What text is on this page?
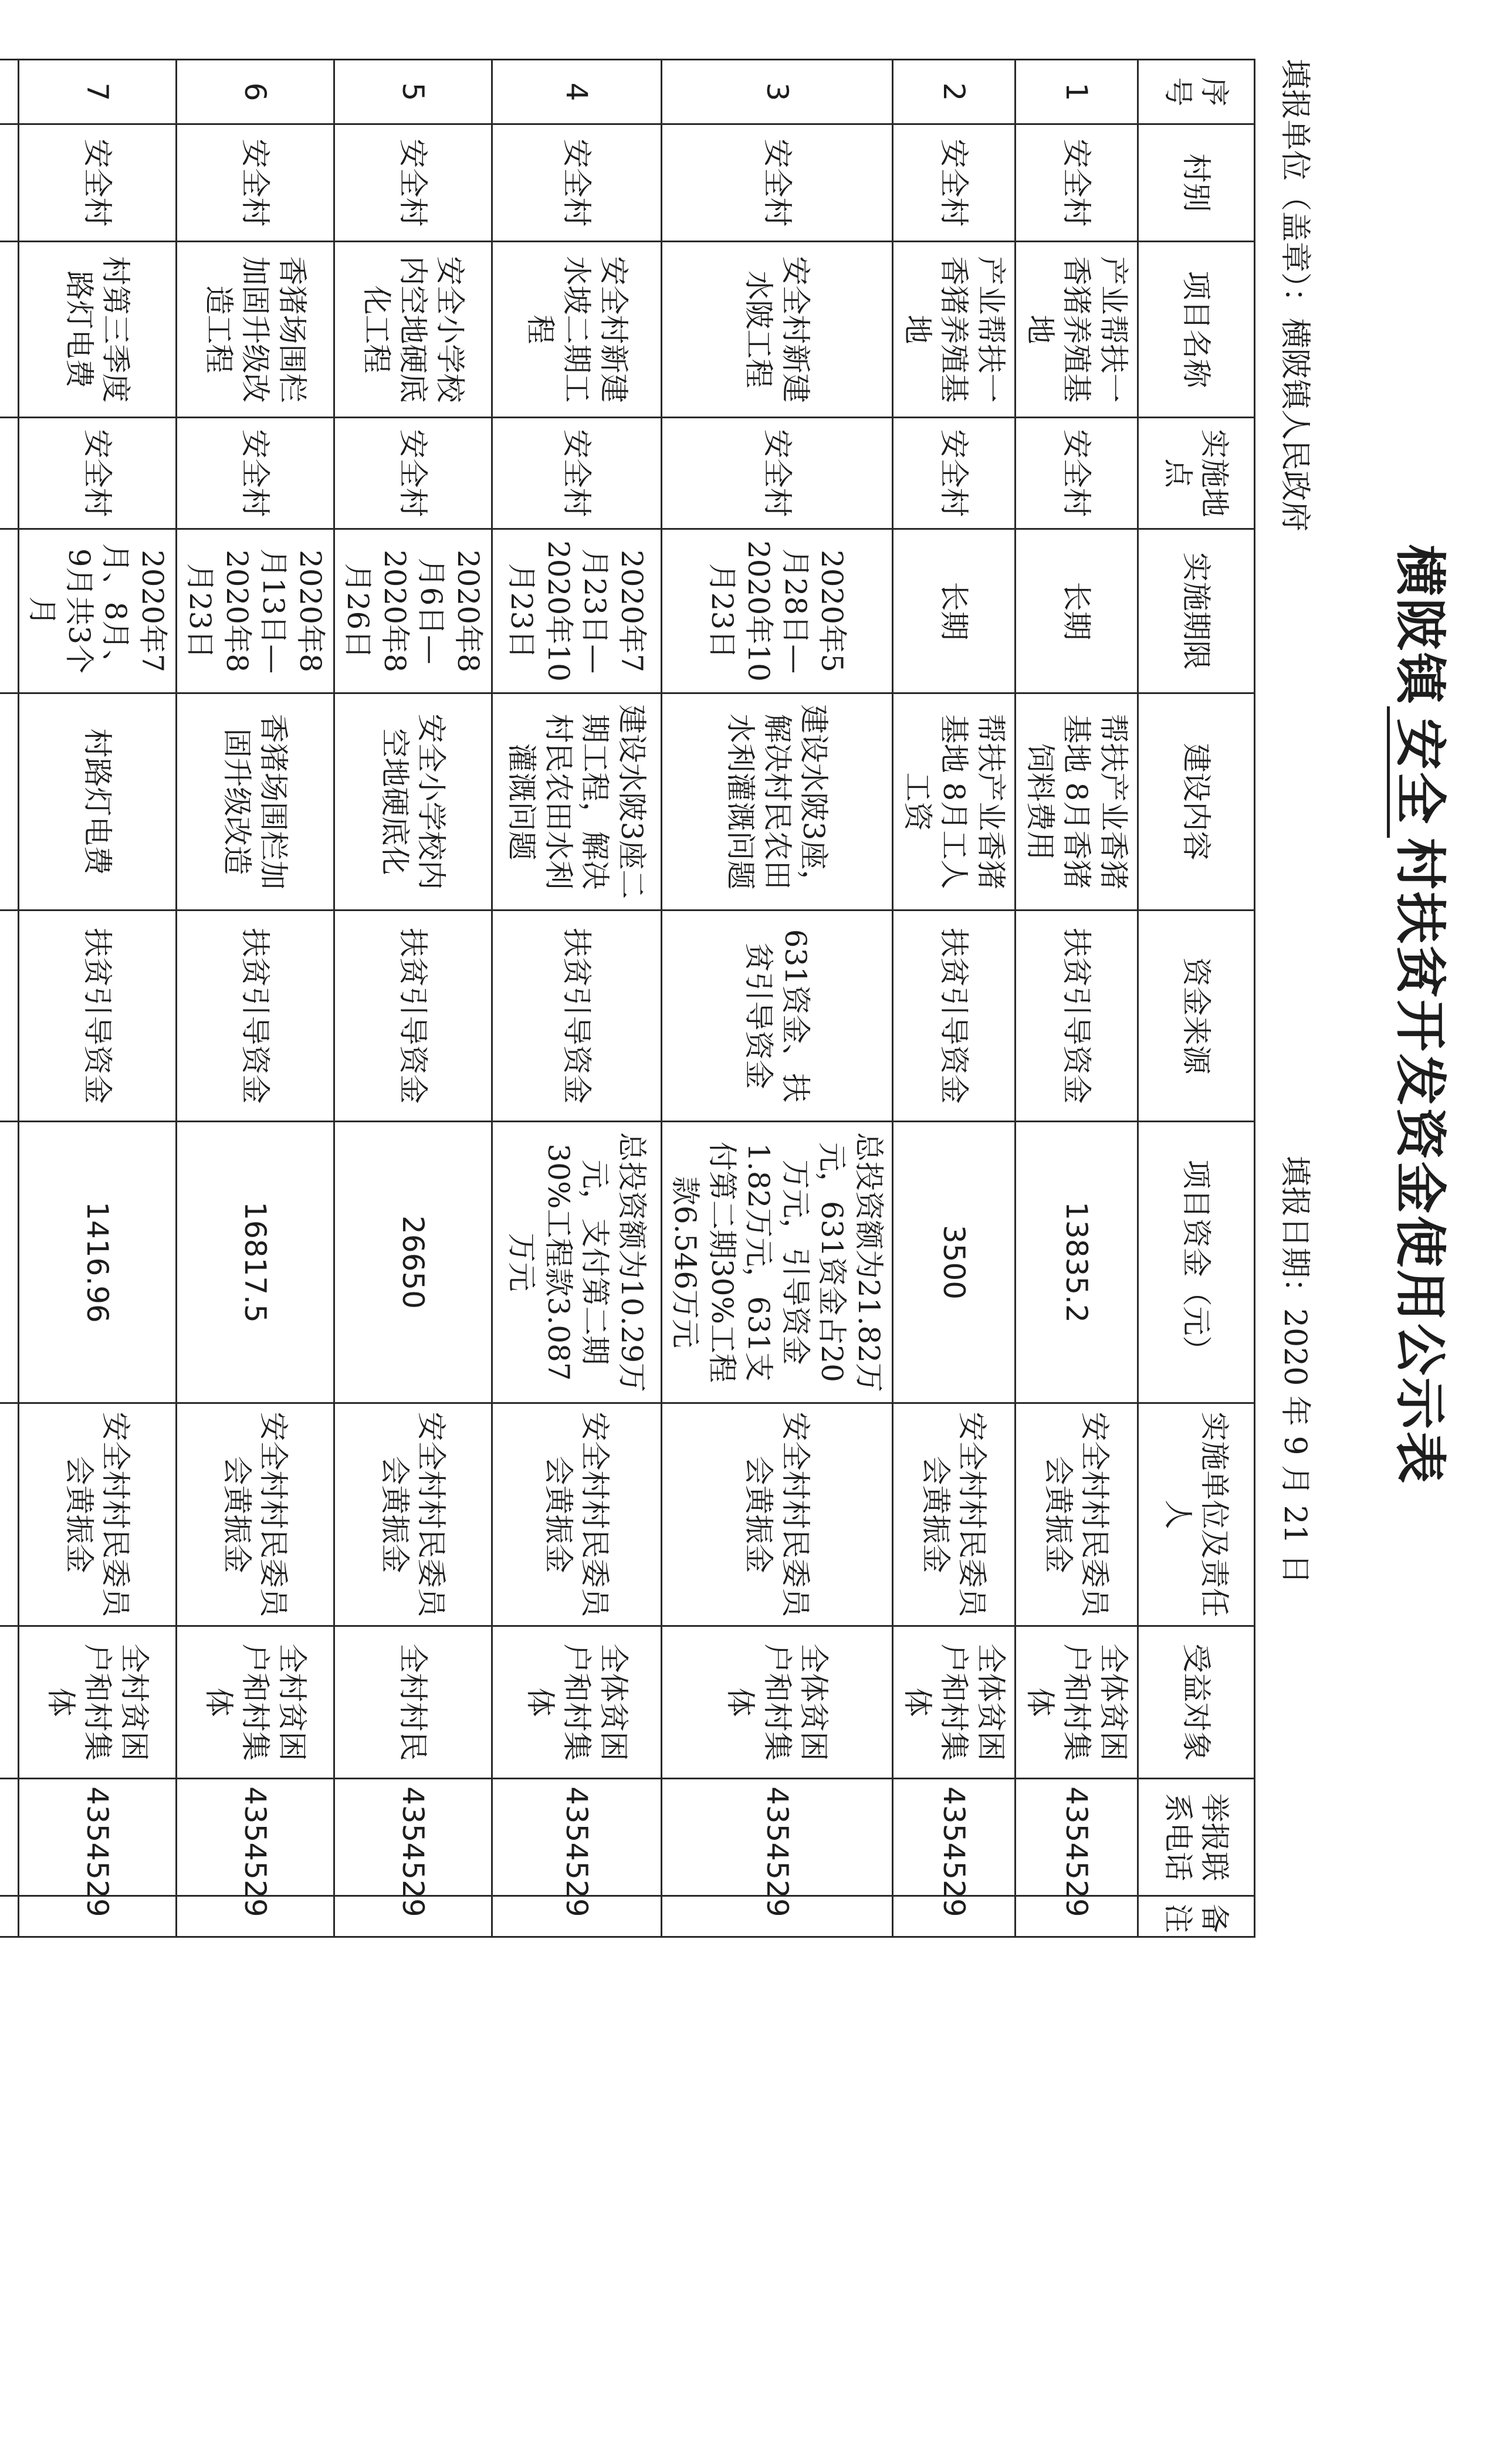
横陂镇安全村扶贫开发资金使用公示表
填报单位（盖章）：横陂镇人民政府
填报日期：2020 年 9 月 21 日
序号	村别	项目名称	实施地点	实施期限	建设内容	资金来源	项目资金（元）	实施单位及责任人	受益对象	举报联系电话	备注
1	安全村	产业帮扶一香猪养殖基地	安全村	长期	帮扶产业香猪基地 8月香猪饲料费用	扶贫引导资金	13835.2	安全村村民委员会黄振金	全体贫困户和村集体	4354529	
2	安全村	产业帮扶一香猪养殖基地	安全村	长期	帮扶产业香猪基地 8月工人工资	扶贫引导资金	3500	安全村村民委员会黄振金	全体贫困户和村集体	4354529	
3	安全村	安全村新建水陂工程	安全村	2020年5月28日—2020年10月23日	建设水陂3座，解决村民农田水利灌溉问题	631资金、扶贫引导资金	总投资额为21.82万元，631资金占20万元，引导资金1.82万元，631支付第二期30%工程款6.546万元	安全村村民委员会黄振金	全体贫困户和村集体	4354529	
4	安全村	安全村新建水坡二期工程	安全村	2020年7月23日—2020年10月23日	建设水陂3座二期工程，解决村民农田水利灌溉问题	扶贫引导资金	总投资额为10.29万元，支付第二期30%工程款3.087万元	安全村村民委员会黄振金	全体贫困户和村集体	4354529	
5	安全村	安全小学校内空地硬底化工程	安全村	2020年8月6日—2020年8月26日	安全小学校内空地硬底化	扶贫引导资金	26650	安全村村民委员会黄振金	全村村民	4354529	
6	安全村	香猪场围栏加固升级改造工程	安全村	2020年8月13日—2020年8月23日	香猪场围栏加固升级改造	扶贫引导资金	16817.5	安全村村民委员会黄振金	全村贫困户和村集体	4354529	
7	安全村	村第三季度路灯电费	安全村	2020年7月、8月、9月共3个月	村路灯电费	扶贫引导资金	1416.96	安全村村民委员会黄振金	全村贫困户和村集体	4354529	
